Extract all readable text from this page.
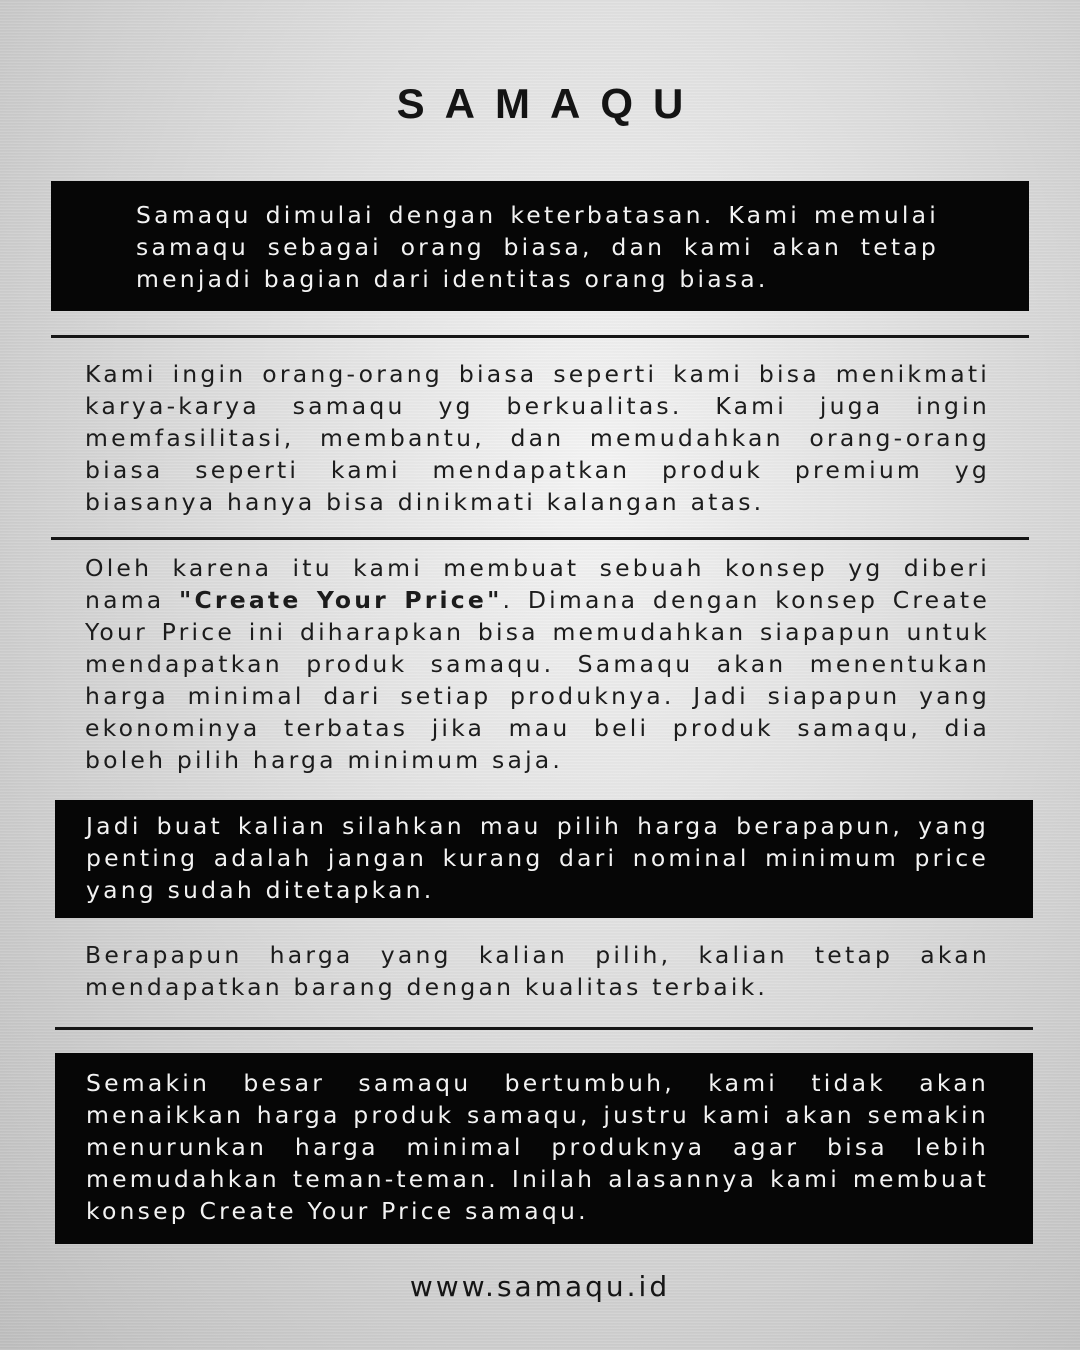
SAMAQU
Samaqu dimulai dengan keterbatasan. Kami memulai samaqu sebagai orang biasa, dan kami akan tetap menjadi bagian dari identitas orang biasa.
Kami ingin orang-orang biasa seperti kami bisa menikmati karya-karya samaqu yg berkualitas. Kami juga ingin memfasilitasi, membantu, dan memudahkan orang-orang biasa seperti kami mendapatkan produk premium yg biasanya hanya bisa dinikmati kalangan atas.
Oleh karena itu kami membuat sebuah konsep yg diberi nama "Create Your Price". Dimana dengan konsep Create Your Price ini diharapkan bisa memudahkan siapapun untuk mendapatkan produk samaqu. Samaqu akan menentukan harga minimal dari setiap produknya. Jadi siapapun yang ekonominya terbatas jika mau beli produk samaqu, dia boleh pilih harga minimum saja.
Jadi buat kalian silahkan mau pilih harga berapapun, yang penting adalah jangan kurang dari nominal minimum price yang sudah ditetapkan.
Berapapun harga yang kalian pilih, kalian tetap akan mendapatkan barang dengan kualitas terbaik.
Semakin besar samaqu bertumbuh, kami tidak akan menaikkan harga produk samaqu, justru kami akan semakin menurunkan harga minimal produknya agar bisa lebih memudahkan teman-teman. Inilah alasannya kami membuat konsep Create Your Price samaqu.
www.samaqu.id
